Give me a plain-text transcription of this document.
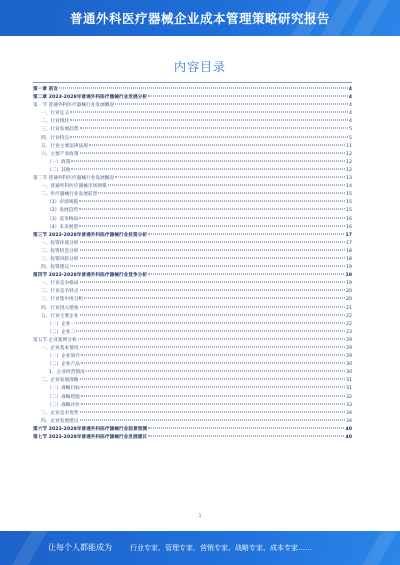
普通外科医疗器械企业成本管理策略研究报告
内容目录
第一章 前言	4
第二章 2023-2028年普通外科医疗器械行业发展分析	4
第一节 普通外科医疗器械行业发展概况	4
一、行业定义	4
二、行业现状	4
三、行业发展趋势	5
四、行业特点	5
五、行业主要法律法规	11
六、主要产业政策	12
（一）政策	12
（二）其他	12
第二节 普通外科医疗器械行业发展概况	13
一、普通外科医疗器械市场规模	14
二、医疗器械行业发展前景	15
（1）市场规模	15
（2）发展趋势	15
（3）竞争格局	16
（4）未来展望	16
第三节 2023-2028年普通外科医疗器械行业投资分析	17
一、投资环境分析	17
二、投资机会分析	18
三、投资风险分析	18
四、投资建议	19
第四节 2023-2028年普通外科医疗器械行业竞争分析	19
一、行业竞争格局	19
二、行业竞争特点	20
三、行业集中度分析	20
四、行业进入壁垒	21
五、行业主要企业	22
（一）企业一	22
（二）企业二	23
第五节 企业案例分析	29
一、企业基本情况	29
（一）企业简介	29
（二）企业产品	30
1、企业经营情况	30
二、企业发展战略	31
（一）战略目标	31
（二）战略措施	32
（三）战略评价	33
三、企业竞争优势	34
四、企业发展建议	34
第六节 2023-2028年普通外科医疗器械行业前景预测	40
第七节 2023-2028年普通外科医疗器械行业发展建议	40
1
让每个人都能成为	行业专家、管理专家、营销专家、战略专家、成本专家……
